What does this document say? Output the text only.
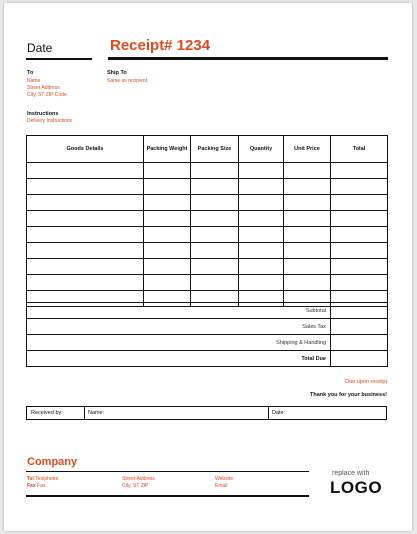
Date	Receipt# 1234
To
Name
Street Address
City, ST ZIP Code
Ship To
Same as recipient
Instructions
Delivery Instructions
Goods Details	Packing Weight	Packing Size	Quantity	Unit Price	Total

Subtotal	
Sales Tax	
Shipping & Handling	
Total Due	
Due upon receipt
Thank you for your business!
Received by:	Name:	Date:
Company
Tel Telephone
Fax Fax
Street Address
City, ST ZIP
Website
Email
replace with
LOGO
